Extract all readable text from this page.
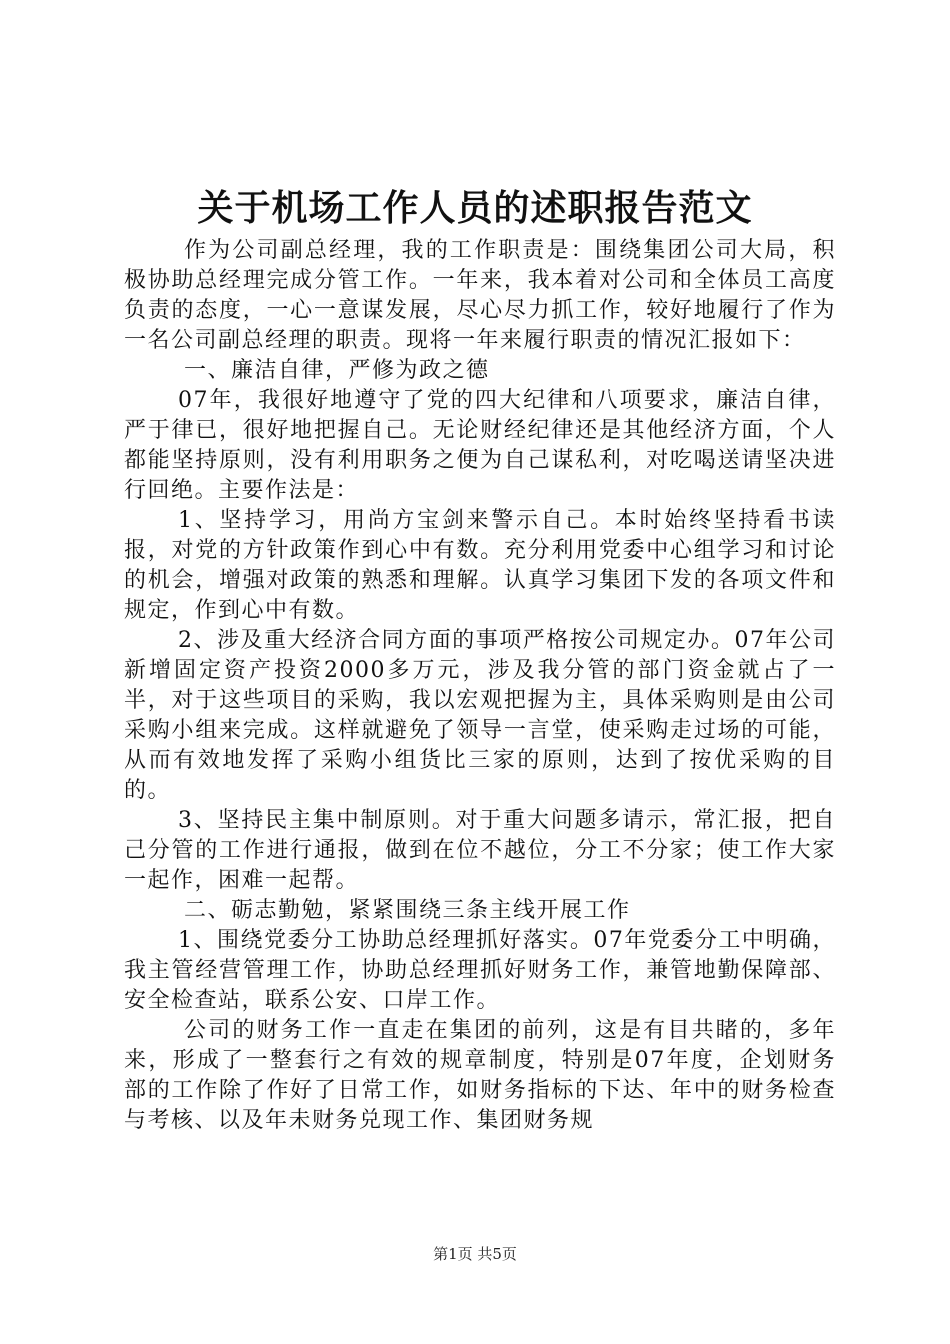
关于机场工作人员的述职报告范文

作为公司副总经理，我的工作职责是：围绕集团公司大局，积极协助总经理完成分管工作。一年来，我本着对公司和全体员工高度负责的态度，一心一意谋发展，尽心尽力抓工作，较好地履行了作为一名公司副总经理的职责。现将一年来履行职责的情况汇报如下：

一、廉洁自律，严修为政之德

07年，我很好地遵守了党的四大纪律和八项要求，廉洁自律，严于律已，很好地把握自己。无论财经纪律还是其他经济方面，个人都能坚持原则，没有利用职务之便为自己谋私利，对吃喝送请坚决进行回绝。主要作法是：

1、坚持学习，用尚方宝剑来警示自己。本时始终坚持看书读报，对党的方针政策作到心中有数。充分利用党委中心组学习和讨论的机会，增强对政策的熟悉和理解。认真学习集团下发的各项文件和规定，作到心中有数。

2、涉及重大经济合同方面的事项严格按公司规定办。07年公司新增固定资产投资2000多万元，涉及我分管的部门资金就占了一半，对于这些项目的采购，我以宏观把握为主，具体采购则是由公司采购小组来完成。这样就避免了领导一言堂，使采购走过场的可能，从而有效地发挥了采购小组货比三家的原则，达到了按优采购的目的。

3、坚持民主集中制原则。对于重大问题多请示，常汇报，把自己分管的工作进行通报，做到在位不越位，分工不分家；使工作大家一起作，困难一起帮。

二、砺志勤勉，紧紧围绕三条主线开展工作

1、围绕党委分工协助总经理抓好落实。07年党委分工中明确，我主管经营管理工作，协助总经理抓好财务工作，兼管地勤保障部、安全检查站，联系公安、口岸工作。

公司的财务工作一直走在集团的前列，这是有目共睹的，多年来，形成了一整套行之有效的规章制度，特别是07年度，企划财务部的工作除了作好了日常工作，如财务指标的下达、年中的财务检查与考核、以及年未财务兑现工作、集团财务规

第1页 共5页
